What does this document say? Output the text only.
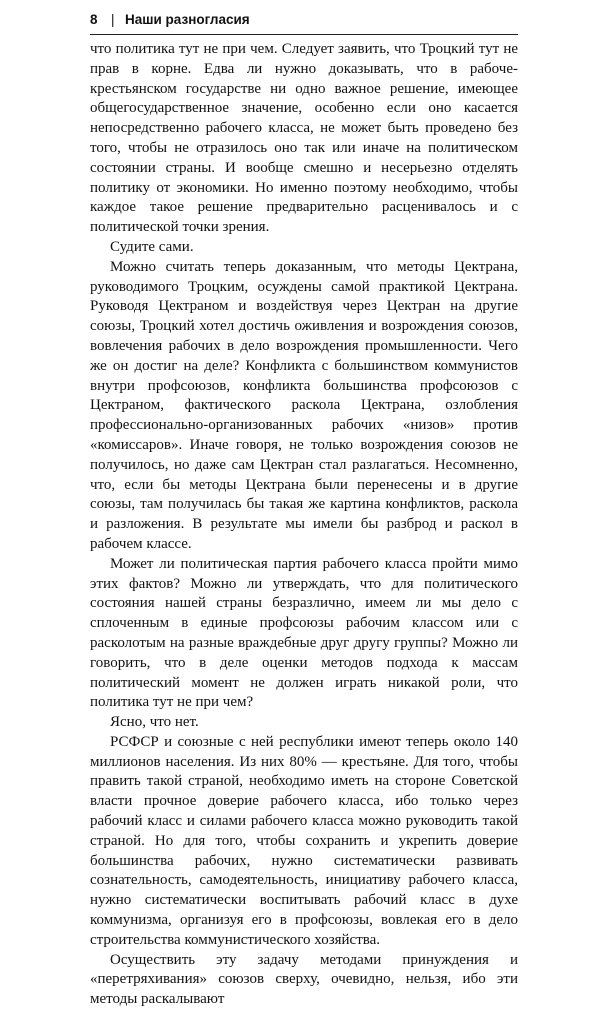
8 | Наши разногласия

что политика тут не при чем. Следует заявить, что Троцкий тут не прав в корне. Едва ли нужно доказывать, что в рабоче-крестьянском государстве ни одно важное решение, имеющее общегосударственное значение, особенно если оно касается непосредственно рабочего класса, не может быть проведено без того, чтобы не отразилось оно так или иначе на политическом состоянии страны. И вообще смешно и несерьезно отделять политику от экономики. Но именно поэтому необходимо, чтобы каждое такое решение предварительно расценивалось и с политической точки зрения.

Судите сами.

Можно считать теперь доказанным, что методы Цектрана, руководимого Троцким, осуждены самой практикой Цектрана. Руководя Цектраном и воздействуя через Цектран на другие союзы, Троцкий хотел достичь оживления и возрождения союзов, вовлечения рабочих в дело возрождения промышленности. Чего же он достиг на деле? Конфликта с большинством коммунистов внутри профсоюзов, конфликта большинства профсоюзов с Цектраном, фактического раскола Цектрана, озлобления профессионально-организованных рабочих «низов» против «комиссаров». Иначе говоря, не только возрождения союзов не получилось, но даже сам Цектран стал разлагаться. Несомненно, что, если бы методы Цектрана были перенесены и в другие союзы, там получилась бы такая же картина конфликтов, раскола и разложения. В результате мы имели бы разброд и раскол в рабочем классе.

Может ли политическая партия рабочего класса пройти мимо этих фактов? Можно ли утверждать, что для политического состояния нашей страны безразлично, имеем ли мы дело с сплоченным в единые профсоюзы рабочим классом или с расколотым на разные враждебные друг другу группы? Можно ли говорить, что в деле оценки методов подхода к массам политический момент не должен играть никакой роли, что политика тут не при чем?

Ясно, что нет.

РСФСР и союзные с ней республики имеют теперь около 140 миллионов населения. Из них 80% — крестьяне. Для того, чтобы править такой страной, необходимо иметь на стороне Советской власти прочное доверие рабочего класса, ибо только через рабочий класс и силами рабочего класса можно руководить такой страной. Но для того, чтобы сохранить и укрепить доверие большинства рабочих, нужно систематически развивать сознательность, самодеятельность, инициативу рабочего класса, нужно систематически воспитывать рабочий класс в духе коммунизма, организуя его в профсоюзы, вовлекая его в дело строительства коммунистического хозяйства.

Осуществить эту задачу методами принуждения и «перетряхивания» союзов сверху, очевидно, нельзя, ибо эти методы раскалывают
